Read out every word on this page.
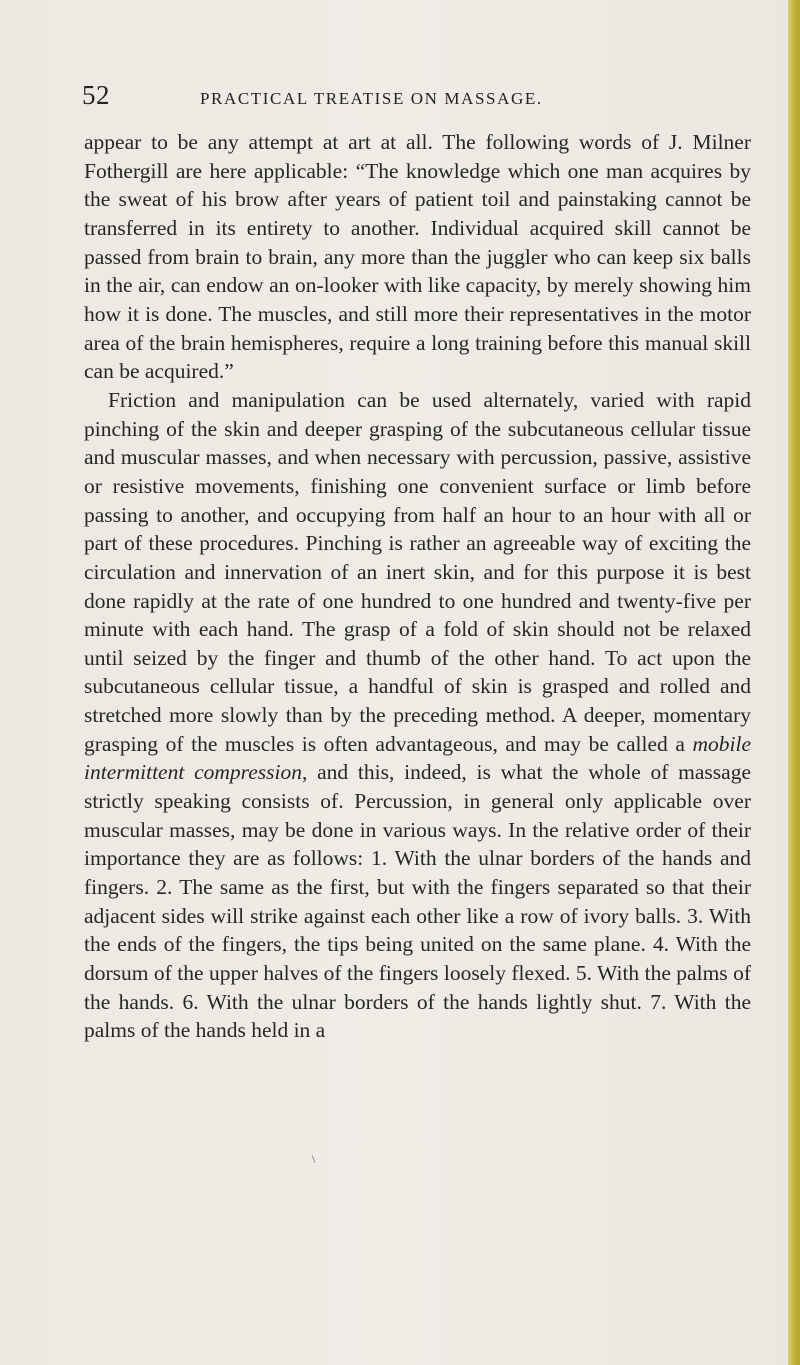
52	PRACTICAL TREATISE ON MASSAGE.

appear to be any attempt at art at all. The following words of J. Milner Fothergill are here applicable: “The knowledge which one man acquires by the sweat of his brow after years of patient toil and painstaking cannot be transferred in its entirety to another. Individual acquired skill cannot be passed from brain to brain, any more than the juggler who can keep six balls in the air, can endow an on-looker with like capacity, by merely showing him how it is done. The muscles, and still more their representatives in the motor area of the brain hemispheres, require a long training before this manual skill can be acquired.”

Friction and manipulation can be used alternately, varied with rapid pinching of the skin and deeper grasping of the subcutaneous cellular tissue and muscular masses, and when necessary with percussion, passive, assistive or resistive movements, finishing one convenient surface or limb before passing to another, and occupying from half an hour to an hour with all or part of these procedures. Pinching is rather an agreeable way of exciting the circulation and innervation of an inert skin, and for this purpose it is best done rapidly at the rate of one hundred to one hundred and twenty-five per minute with each hand. The grasp of a fold of skin should not be relaxed until seized by the finger and thumb of the other hand. To act upon the subcutaneous cellular tissue, a handful of skin is grasped and rolled and stretched more slowly than by the preceding method. A deeper, momentary grasping of the muscles is often advantageous, and may be called a mobile intermittent compression, and this, indeed, is what the whole of massage strictly speaking consists of. Percussion, in general only applicable over muscular masses, may be done in various ways. In the relative order of their importance they are as follows: 1. With the ulnar borders of the hands and fingers. 2. The same as the first, but with the fingers separated so that their adjacent sides will strike against each other like a row of ivory balls. 3. With the ends of the fingers, the tips being united on the same plane. 4. With the dorsum of the upper halves of the fingers loosely flexed. 5. With the palms of the hands. 6. With the ulnar borders of the hands lightly shut. 7. With the palms of the hands held in a

\
